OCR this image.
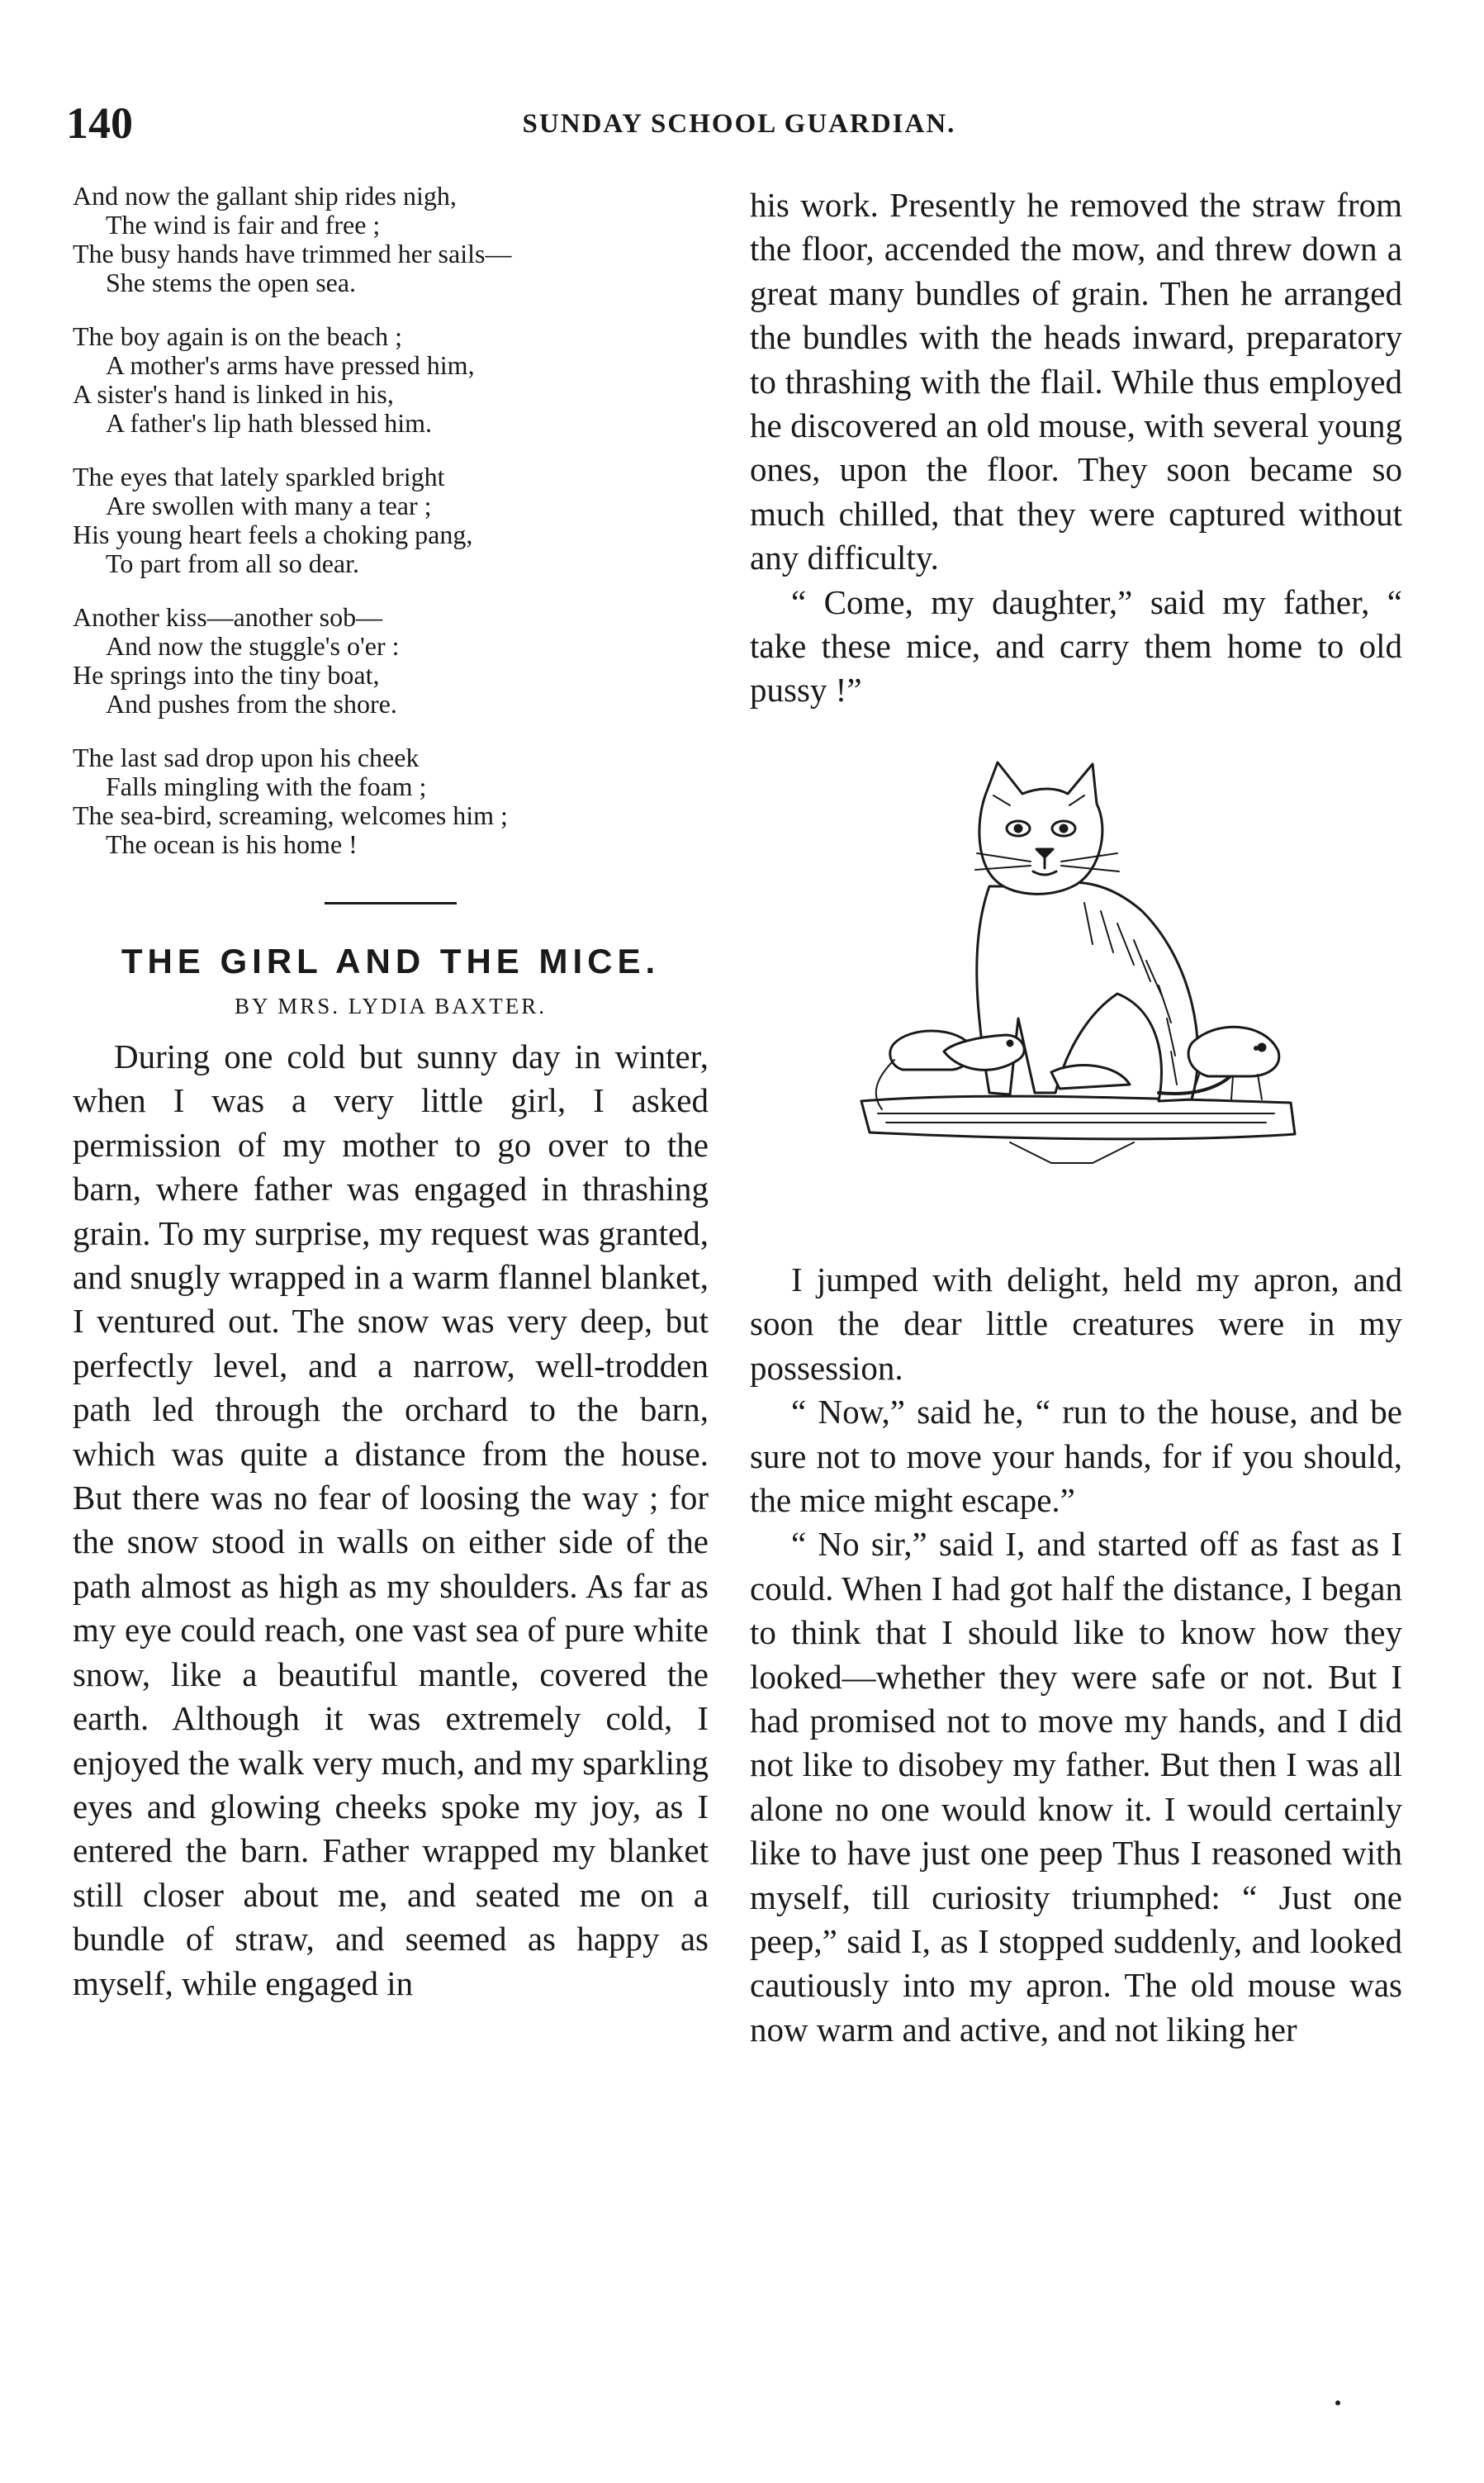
140	SUNDAY SCHOOL GUARDIAN.
And now the gallant ship rides nigh,
The wind is fair and free ;
The busy hands have trimmed her sails—
She stems the open sea.
The boy again is on the beach ;
A mother's arms have pressed him,
A sister's hand is linked in his,
A father's lip hath blessed him.
The eyes that lately sparkled bright
Are swollen with many a tear ;
His young heart feels a choking pang,
To part from all so dear.
Another kiss—another sob—
And now the stuggle's o'er :
He springs into the tiny boat,
And pushes from the shore.
The last sad drop upon his cheek
Falls mingling with the foam ;
The sea-bird, screaming, welcomes him ;
The ocean is his home !
THE GIRL AND THE MICE.
BY MRS. LYDIA BAXTER.

During one cold but sunny day in winter, when I was a very little girl, I asked permission of my mother to go over to the barn, where father was engaged in thrashing grain. To my surprise, my request was granted, and snugly wrapped in a warm flannel blanket, I ventured out. The snow was very deep, but perfectly level, and a narrow, well-trodden path led through the orchard to the barn, which was quite a distance from the house. But there was no fear of loosing the way ; for the snow stood in walls on either side of the path almost as high as my shoulders. As far as my eye could reach, one vast sea of pure white snow, like a beautiful mantle, covered the earth. Although it was extremely cold, I enjoyed the walk very much, and my sparkling eyes and glowing cheeks spoke my joy, as I entered the barn. Father wrapped my blanket still closer about me, and seated me on a bundle of straw, and seemed as happy as myself, while engaged in

his work. Presently he removed the straw from the floor, accended the mow, and threw down a great many bundles of grain. Then he arranged the bundles with the heads inward, preparatory to thrashing with the flail. While thus employed he discovered an old mouse, with several young ones, upon the floor. They soon became so much chilled, that they were captured without any difficulty.

“ Come, my daughter,” said my father, “ take these mice, and carry them home to old pussy !”

I jumped with delight, held my apron, and soon the dear little creatures were in my possession.

“ Now,” said he, “ run to the house, and be sure not to move your hands, for if you should, the mice might escape.”

“ No sir,” said I, and started off as fast as I could. When I had got half the distance, I began to think that I should like to know how they looked—whether they were safe or not. But I had promised not to move my hands, and I did not like to disobey my father. But then I was all alone no one would know it. I would certainly like to have just one peep Thus I reasoned with myself, till curiosity triumphed: “ Just one peep,” said I, as I stopped suddenly, and looked cautiously into my apron. The old mouse was now warm and active, and not liking her
